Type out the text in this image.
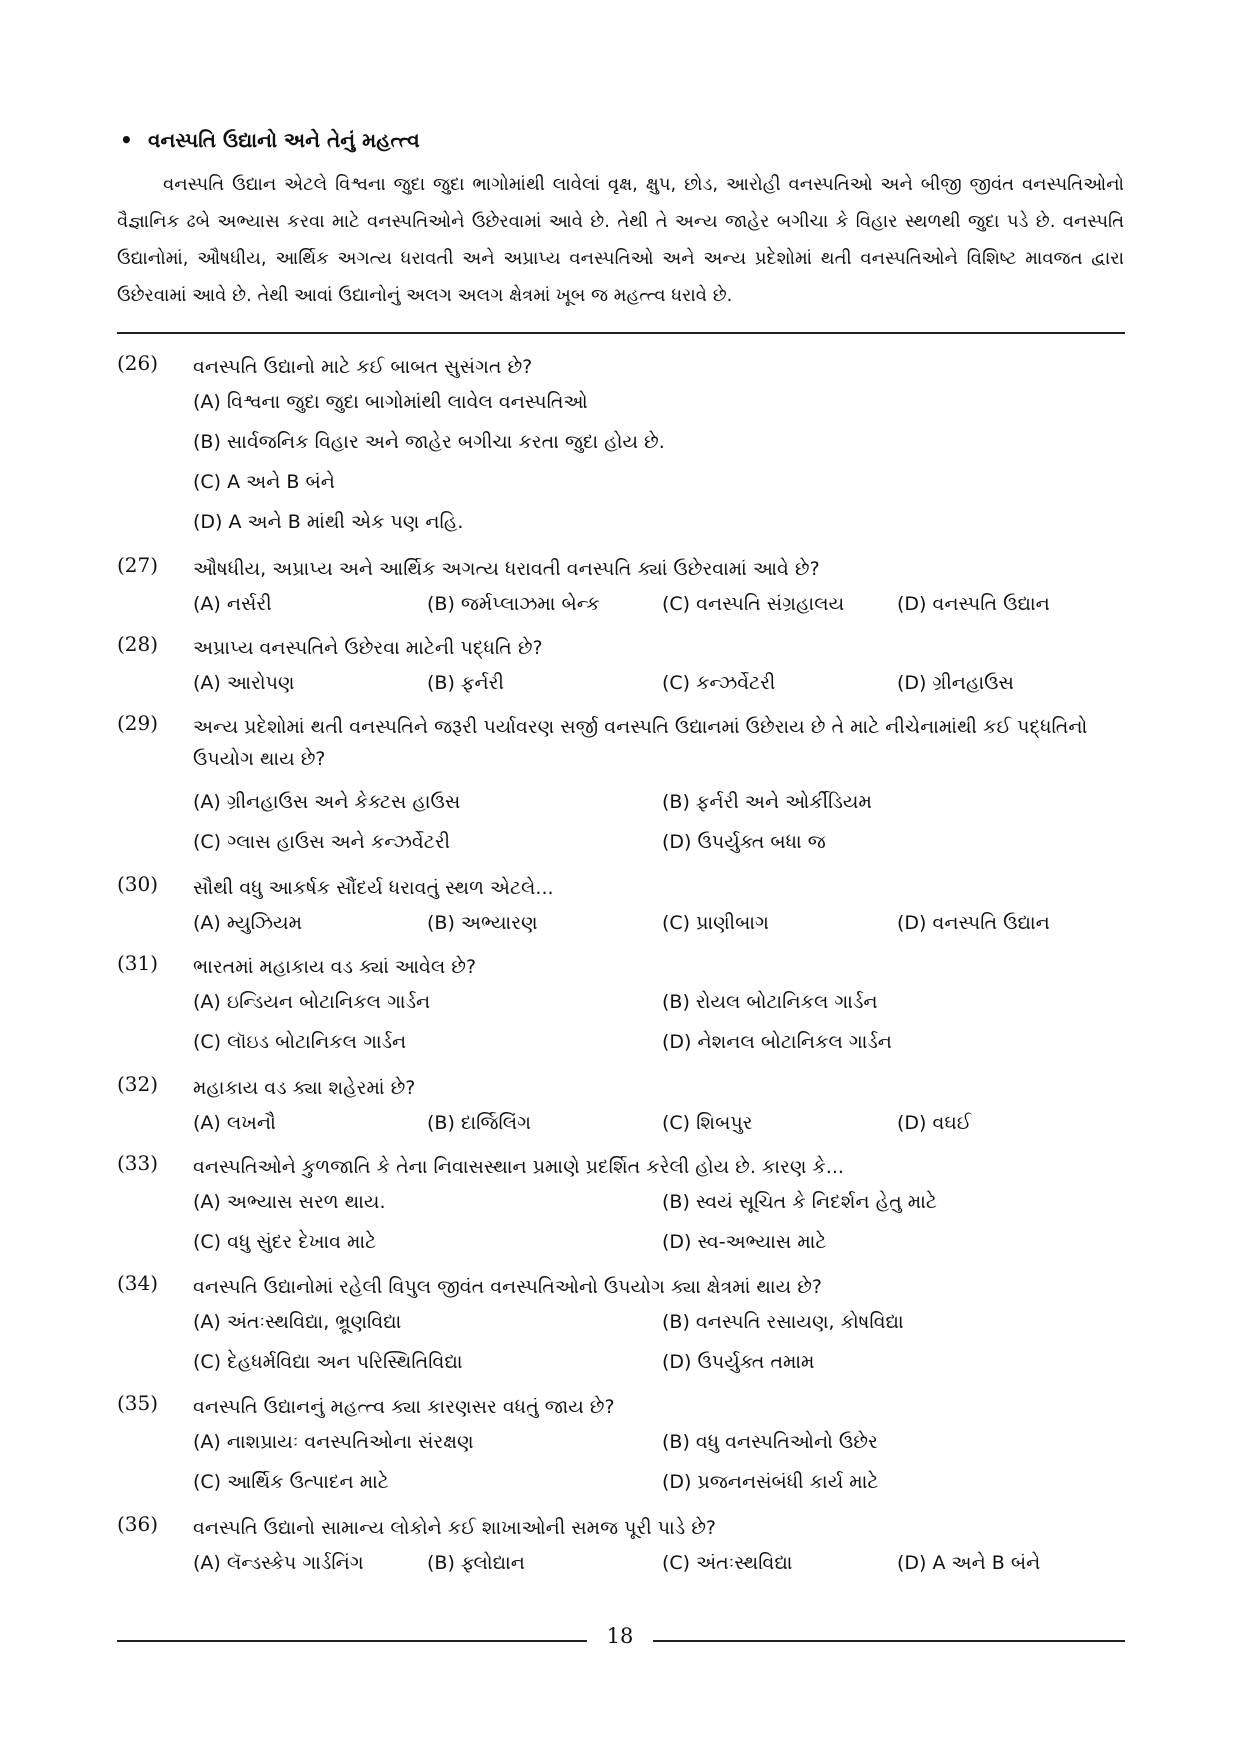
• વનસ્પતિ ઉદ્યાનો અને તેનું મહત્ત્વ

વનસ્પતિ ઉદ્યાન એટલે વિશ્વના જુદા જુદા ભાગોમાંથી લાવેલાં વૃક્ષ, ક્ષુપ, છોડ, આરોહી વનસ્પતિઓ અને બીજી જીવંત વનસ્પતિઓનો વૈજ્ઞાનિક ઢબે અભ્યાસ કરવા માટે વનસ્પતિઓને ઉછેરવામાં આવે છે. તેથી તે અન્ય જાહેર બગીચા કે વિહાર સ્થળથી જુદા પડે છે. વનસ્પતિ ઉદ્યાનોમાં, ઔષધીય, આર્થિક અગત્ય ધરાવતી અને અપ્રાપ્ય વનસ્પતિઓ અને અન્ય પ્રદેશોમાં થતી વનસ્પતિઓને વિશિષ્ટ માવજત દ્વારા ઉછેરવામાં આવે છે. તેથી આવાં ઉદ્યાનોનું અલગ અલગ ક્ષેત્રમાં ખૂબ જ મહત્ત્વ ધરાવે છે.

(26) વનસ્પતિ ઉદ્યાનો માટે કઈ બાબત સુસંગત છે?
(A) વિશ્વના જુદા જુદા બાગોમાંથી લાવેલ વનસ્પતિઓ
(B) સાર્વજનિક વિહાર અને જાહેર બગીચા કરતા જુદા હોય છે.
(C) A અને B બંને
(D) A અને B માંથી એક પણ નહિ.
(27) ઔષધીય, અપ્રાપ્ય અને આર્થિક અગત્ય ધરાવતી વનસ્પતિ ક્યાં ઉછેરવામાં આવે છે?
(A) નર્સરી	(B) જર્મપ્લાઝમા બેન્ક	(C) વનસ્પતિ સંગ્રહાલય	(D) વનસ્પતિ ઉદ્યાન
(28) અપ્રાપ્ય વનસ્પતિને ઉછેરવા માટેની પદ્ધતિ છે?
(A) આરોપણ	(B) ફર્નરી	(C) કન્ઝર્વેટરી	(D) ગ્રીનહાઉસ
(29) અન્ય પ્રદેશોમાં થતી વનસ્પતિને જરૂરી પર્યાવરણ સર્જી વનસ્પતિ ઉદ્યાનમાં ઉછેરાય છે તે માટે નીચેનામાંથી કઈ પદ્ધતિનો ઉપયોગ થાય છે?
(A) ગ્રીનહાઉસ અને કેક્ટસ હાઉસ	(B) ફર્નરી અને ઓર્કીડિયમ
(C) ગ્લાસ હાઉસ અને કન્ઝર્વેટરી	(D) ઉપર્યુક્ત બધા જ
(30) સૌથી વધુ આકર્ષક સૌંદર્ય ધરાવતું સ્થળ એટલે...
(A) મ્યુઝિયમ	(B) અભ્યારણ	(C) પ્રાણીબાગ	(D) વનસ્પતિ ઉદ્યાન
(31) ભારતમાં મહાકાય વડ ક્યાં આવેલ છે?
(A) ઇન્ડિયન બોટાનિકલ ગાર્ડન	(B) રોયલ બોટાનિકલ ગાર્ડન
(C) લૉઇડ બોટાનિકલ ગાર્ડન	(D) નેશનલ બોટાનિકલ ગાર્ડન
(32) મહાકાય વડ ક્યા શહેરમાં છે?
(A) લખનૌ	(B) દાર્જિલિંગ	(C) શિબપુર	(D) વઘઈ
(33) વનસ્પતિઓને કુળજાતિ કે તેના નિવાસસ્થાન પ્રમાણે પ્રદર્શિત કરેલી હોય છે. કારણ કે...
(A) અભ્યાસ સરળ થાય.	(B) સ્વયં સૂચિત કે નિદર્શન હેતુ માટે
(C) વધુ સુંદર દેખાવ માટે	(D) સ્વ-અભ્યાસ માટે
(34) વનસ્પતિ ઉદ્યાનોમાં રહેલી વિપુલ જીવંત વનસ્પતિઓનો ઉપયોગ ક્યા ક્ષેત્રમાં થાય છે?
(A) અંતઃસ્થવિદ્યા, ભ્રૂણવિદ્યા	(B) વનસ્પતિ રસાયણ, કોષવિદ્યા
(C) દેહધર્મવિદ્યા અન પરિસ્થિતિવિદ્યા	(D) ઉપર્યુક્ત તમામ
(35) વનસ્પતિ ઉદ્યાનનું મહત્ત્વ ક્યા કારણસર વધતું જાય છે?
(A) નાશપ્રાયઃ વનસ્પતિઓના સંરક્ષણ	(B) વધુ વનસ્પતિઓનો ઉછેર
(C) આર્થિક ઉત્પાદન માટે	(D) પ્રજનનસંબંધી કાર્ય માટે
(36) વનસ્પતિ ઉદ્યાનો સામાન્ય લોકોને કઈ શાખાઓની સમજ પૂરી પાડે છે?
(A) લૅન્ડસ્કેપ ગાર્ડનિંગ	(B) ફ્લોદ્યાન	(C) અંતઃસ્થવિદ્યા	(D) A અને B બંને
18
